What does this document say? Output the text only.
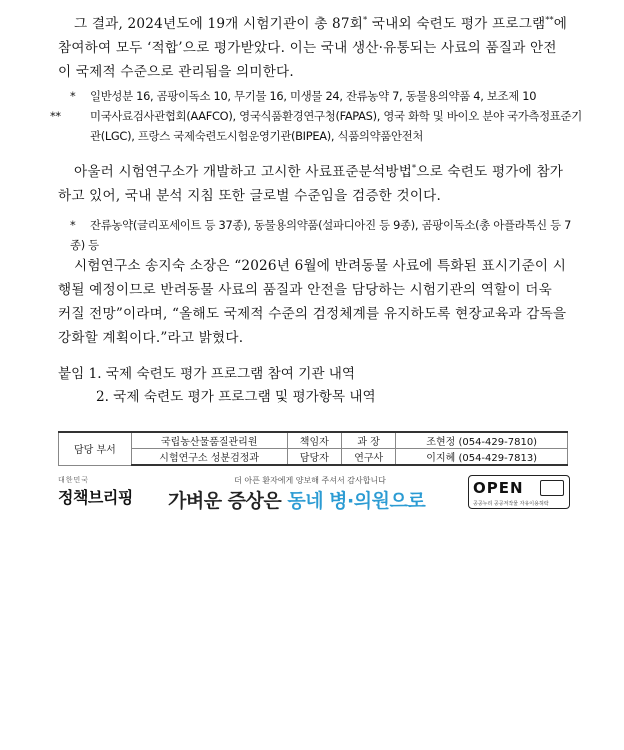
그 결과, 2024년도에 19개 시험기관이 총 87회* 국내외 숙련도 평가 프로그램**에 참여하여 모두 ‘적합’으로 평가받았다. 이는 국내 생산·유통되는 사료의 품질과 안전이 국제적 수준으로 관리됨을 의미한다.
* 일반성분 16, 곰팡이독소 10, 무기물 16, 미생물 24, 잔류농약 7, 동물용의약품 4, 보조제 10
**	미국사료검사관협회(AAFCO), 영국식품환경연구청(FAPAS), 영국 화학 및 바이오 분야 국가측정표준기관(LGC), 프랑스 국제숙련도시험운영기관(BIPEA), 식품의약품안전처
아울러 시험연구소가 개발하고 고시한 사료표준분석방법*으로 숙련도 평가에 참가하고 있어, 국내 분석 지침 또한 글로벌 수준임을 검증한 것이다.
* 잔류농약(글리포세이트 등 37종), 동물용의약품(설파디아진 등 9종), 곰팡이독소(총 아플라톡신 등 7종) 등
시험연구소 송지숙 소장은 “2026년 6월에 반려동물 사료에 특화된 표시기준이 시행될 예정이므로 반려동물 사료의 품질과 안전을 담당하는 시험기관의 역할이 더욱 커질 전망”이라며, “올해도 국제적 수준의 검정체계를 유지하도록 현장교육과 감독을 강화할 계획이다.”라고 밝혔다.
붙임 1. 국제 숙련도 평가 프로그램 참여 기관 내역
2. 국제 숙련도 평가 프로그램 및 평가항목 내역
담당 부서	국립농산물품질관리원	책임자	과 장	조현정 (054-429-7810)
	시험연구소 성분검정과	담당자	연구사	이지혜 (054-429-7813)
대한민국
정책브리핑
더 아픈 환자에게 양보해 주셔서 감사합니다
가벼운 증상은 동네 병·의원으로
OPEN
공공누리 공공저작물 자유이용허락
